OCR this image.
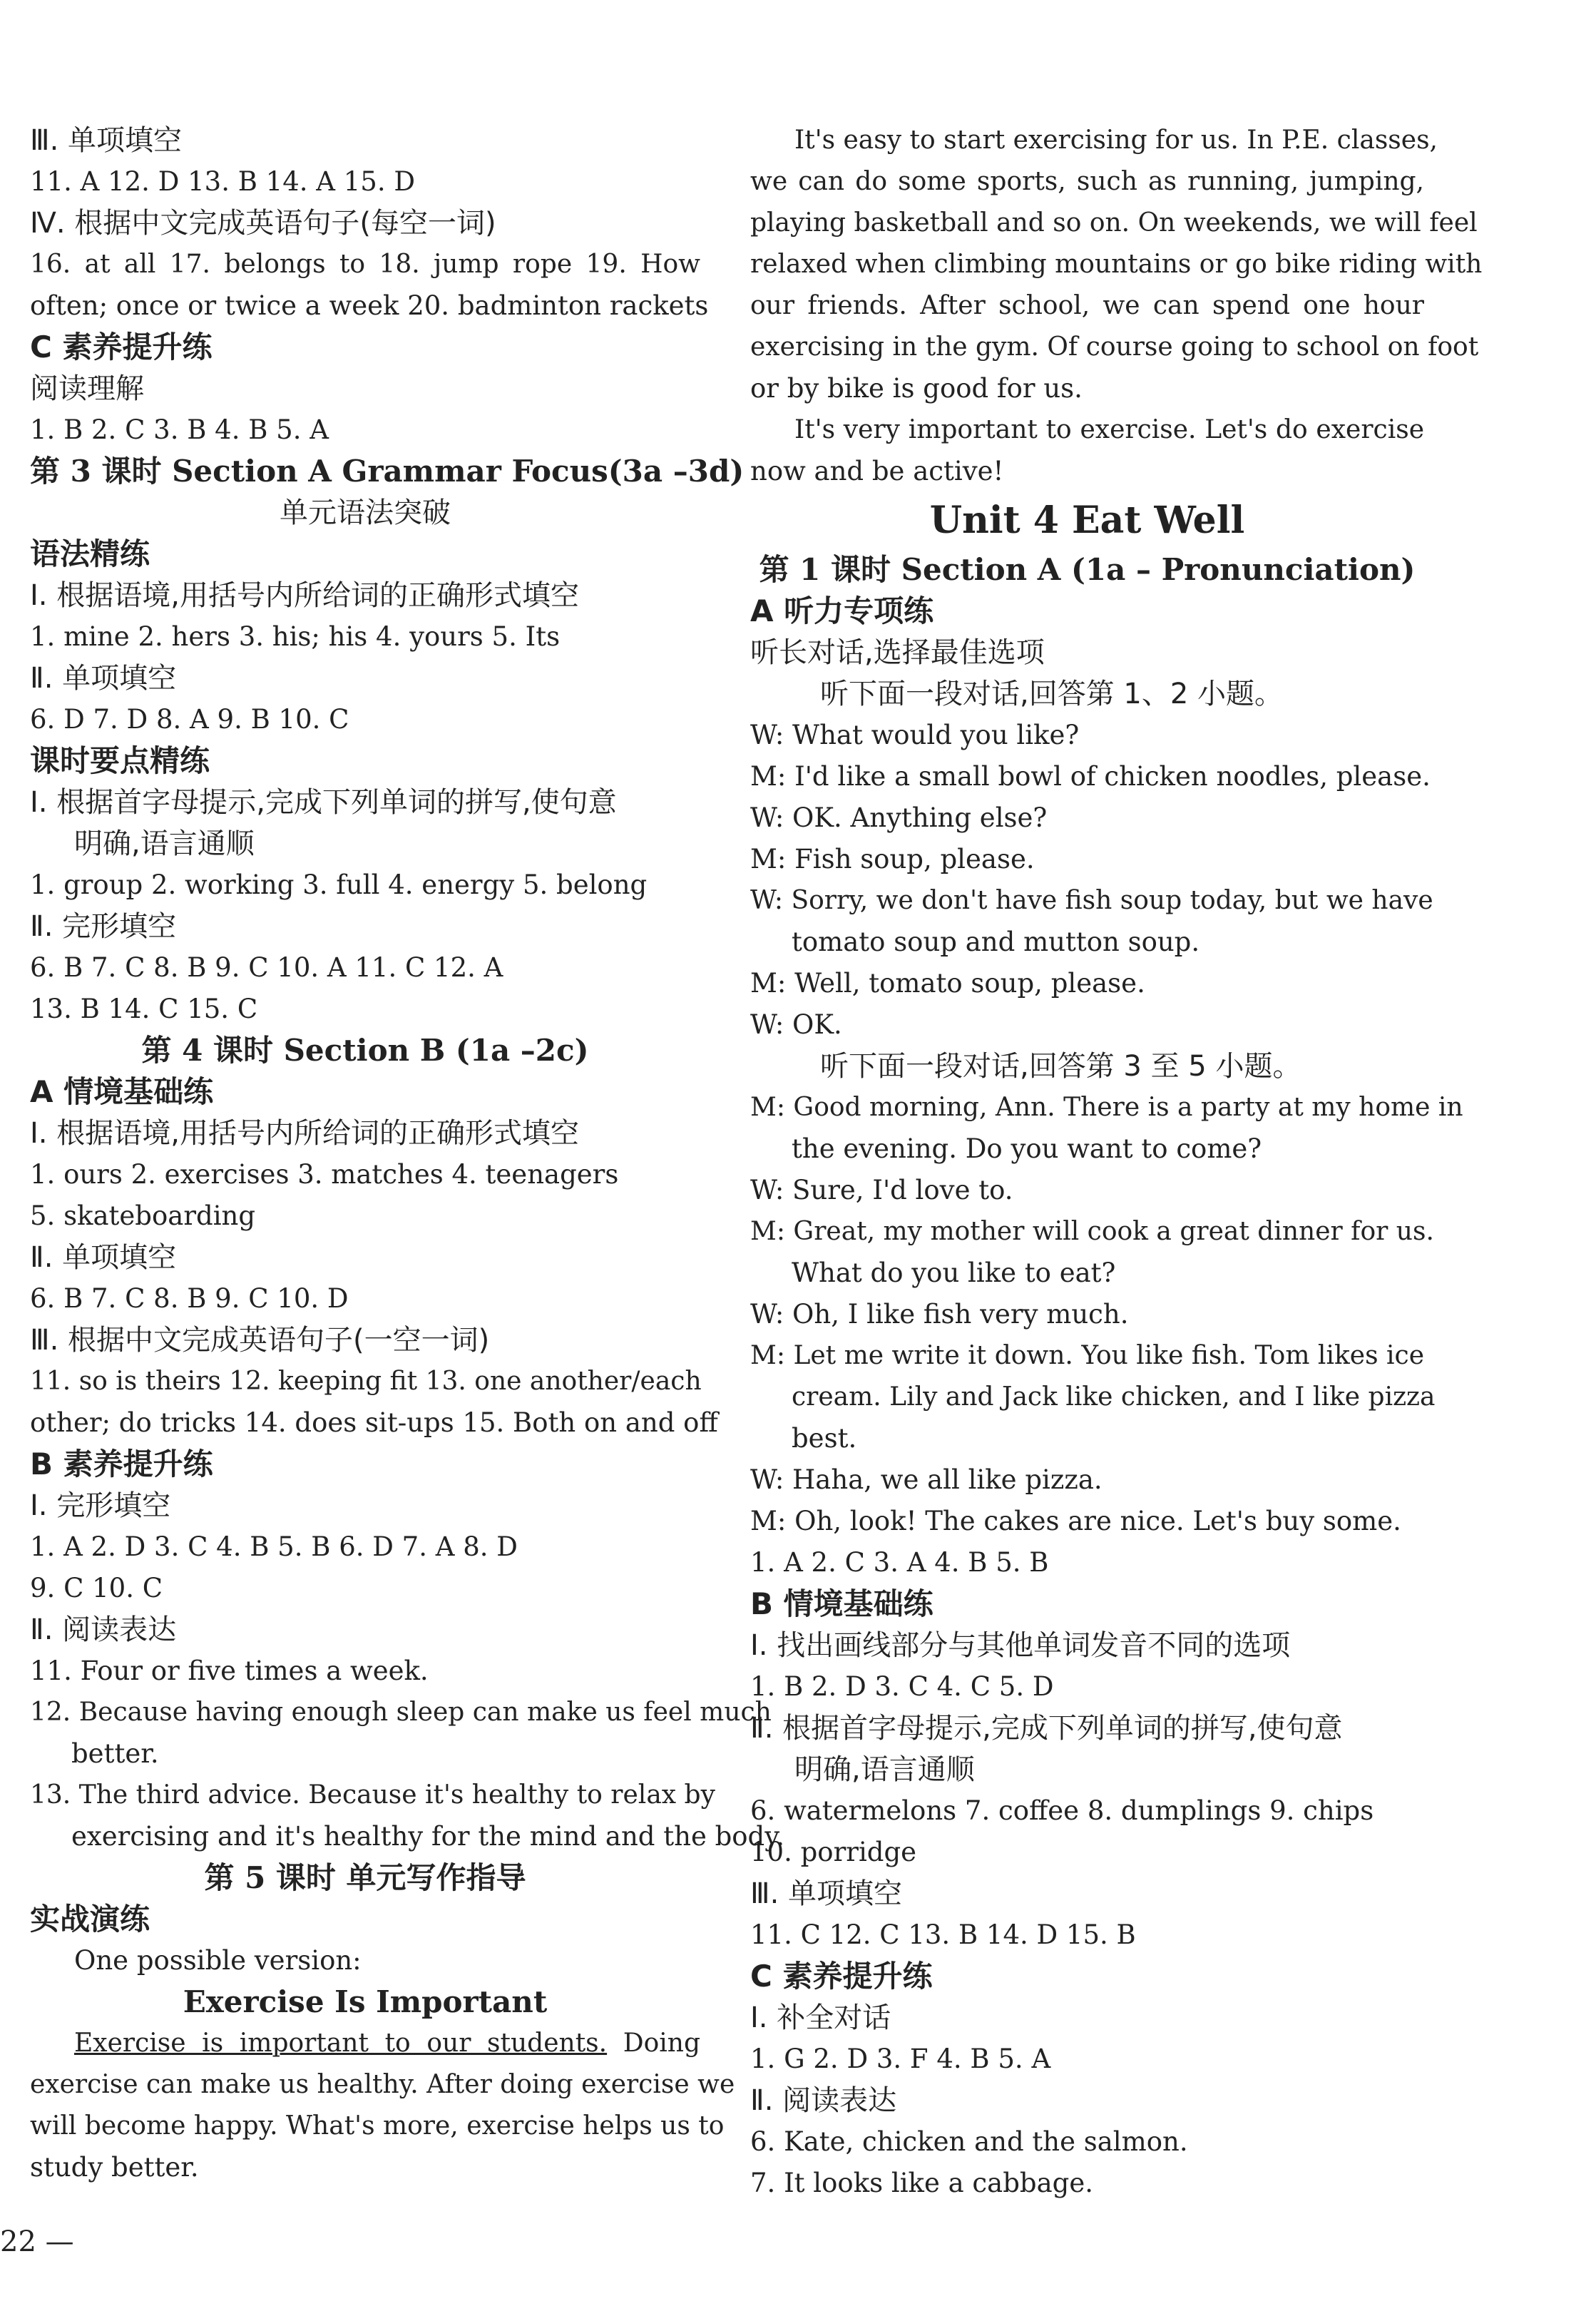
Ⅲ. 单项填空
11. A 12. D 13. B 14. A 15. D
Ⅳ. 根据中文完成英语句子(每空一词)
16. at all 17. belongs to 18. jump rope 19. How
often; once or twice a week 20. badminton rackets
C 素养提升练
阅读理解
1. B 2. C 3. B 4. B 5. A
第 3 课时 Section A Grammar Focus(3a –3d)
单元语法突破
语法精练
Ⅰ. 根据语境,用括号内所给词的正确形式填空
1. mine 2. hers 3. his; his 4. yours 5. Its
Ⅱ. 单项填空
6. D 7. D 8. A 9. B 10. C
课时要点精练
Ⅰ. 根据首字母提示,完成下列单词的拼写,使句意
明确,语言通顺
1. group 2. working 3. full 4. energy 5. belong
Ⅱ. 完形填空
6. B 7. C 8. B 9. C 10. A 11. C 12. A
13. B 14. C 15. C
第 4 课时 Section B (1a –2c)
A 情境基础练
Ⅰ. 根据语境,用括号内所给词的正确形式填空
1. ours 2. exercises 3. matches 4. teenagers
5. skateboarding
Ⅱ. 单项填空
6. B 7. C 8. B 9. C 10. D
Ⅲ. 根据中文完成英语句子(一空一词)
11. so is theirs 12. keeping fit 13. one another/each
other; do tricks 14. does sit-ups 15. Both on and off
B 素养提升练
Ⅰ. 完形填空
1. A 2. D 3. C 4. B 5. B 6. D 7. A 8. D
9. C 10. C
Ⅱ. 阅读表达
11. Four or five times a week.
12. Because having enough sleep can make us feel much
better.
13. The third advice. Because it's healthy to relax by
exercising and it's healthy for the mind and the body.
第 5 课时 单元写作指导
实战演练
One possible version:
Exercise Is Important
Exercise is important to our students. Doing
exercise can make us healthy. After doing exercise we
will become happy. What's more, exercise helps us to
study better.
It's easy to start exercising for us. In P.E. classes,
we can do some sports, such as running, jumping,
playing basketball and so on. On weekends, we will feel
relaxed when climbing mountains or go bike riding with
our friends. After school, we can spend one hour
exercising in the gym. Of course going to school on foot
or by bike is good for us.
It's very important to exercise. Let's do exercise
now and be active!
Unit 4 Eat Well
第 1 课时 Section A (1a – Pronunciation)
A 听力专项练
听长对话,选择最佳选项
听下面一段对话,回答第 1、2 小题。
W: What would you like?
M: I'd like a small bowl of chicken noodles, please.
W: OK. Anything else?
M: Fish soup, please.
W: Sorry, we don't have fish soup today, but we have
tomato soup and mutton soup.
M: Well, tomato soup, please.
W: OK.
听下面一段对话,回答第 3 至 5 小题。
M: Good morning, Ann. There is a party at my home in
the evening. Do you want to come?
W: Sure, I'd love to.
M: Great, my mother will cook a great dinner for us.
What do you like to eat?
W: Oh, I like fish very much.
M: Let me write it down. You like fish. Tom likes ice
cream. Lily and Jack like chicken, and I like pizza
best.
W: Haha, we all like pizza.
M: Oh, look! The cakes are nice. Let's buy some.
1. A 2. C 3. A 4. B 5. B
B 情境基础练
Ⅰ. 找出画线部分与其他单词发音不同的选项
1. B 2. D 3. C 4. C 5. D
Ⅱ. 根据首字母提示,完成下列单词的拼写,使句意
明确,语言通顺
6. watermelons 7. coffee 8. dumplings 9. chips
10. porridge
Ⅲ. 单项填空
11. C 12. C 13. B 14. D 15. B
C 素养提升练
Ⅰ. 补全对话
1. G 2. D 3. F 4. B 5. A
Ⅱ. 阅读表达
6. Kate, chicken and the salmon.
7. It looks like a cabbage.
22 —
